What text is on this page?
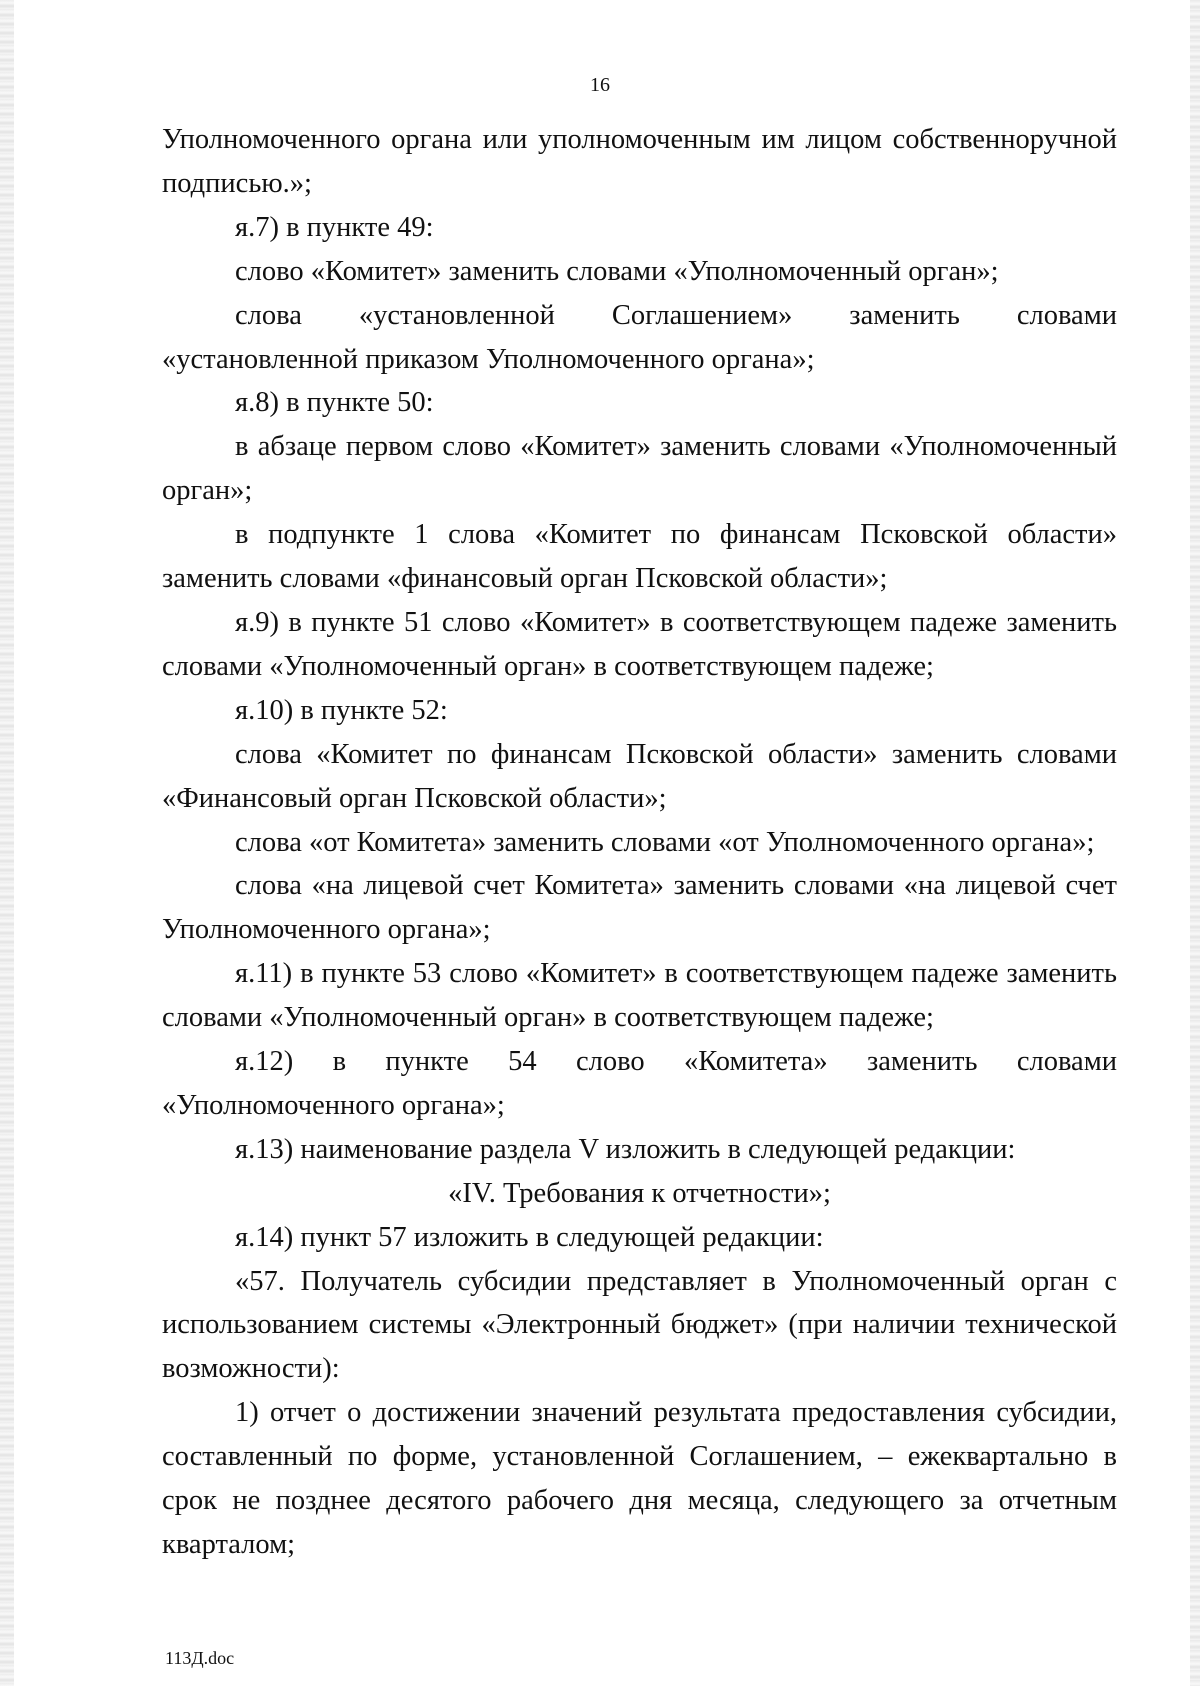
16

Уполномоченного органа или уполномоченным им лицом собственноручной подписью.»;

я.7) в пункте 49:

слово «Комитет» заменить словами «Уполномоченный орган»;

слова «установленной Соглашением» заменить словами «установленной приказом Уполномоченного органа»;

я.8) в пункте 50:

в абзаце первом слово «Комитет» заменить словами «Уполномоченный орган»;

в подпункте 1 слова «Комитет по финансам Псковской области» заменить словами «финансовый орган Псковской области»;

я.9) в пункте 51 слово «Комитет» в соответствующем падеже заменить словами «Уполномоченный орган» в соответствующем падеже;

я.10) в пункте 52:

слова «Комитет по финансам Псковской области» заменить словами «Финансовый орган Псковской области»;

слова «от Комитета» заменить словами «от Уполномоченного органа»;

слова «на лицевой счет Комитета» заменить словами «на лицевой счет Уполномоченного органа»;

я.11) в пункте 53 слово «Комитет» в соответствующем падеже заменить словами «Уполномоченный орган» в соответствующем падеже;

я.12) в пункте 54 слово «Комитета» заменить словами «Уполномоченного органа»;

я.13) наименование раздела V изложить в следующей редакции:

«IV. Требования к отчетности»;

я.14) пункт 57 изложить в следующей редакции:

«57. Получатель субсидии представляет в Уполномоченный орган с использованием системы «Электронный бюджет» (при наличии технической возможности):

1) отчет о достижении значений результата предоставления субсидии, составленный по форме, установленной Соглашением, – ежеквартально в срок не позднее десятого рабочего дня месяца, следующего за отчетным кварталом;

113Д.doc
